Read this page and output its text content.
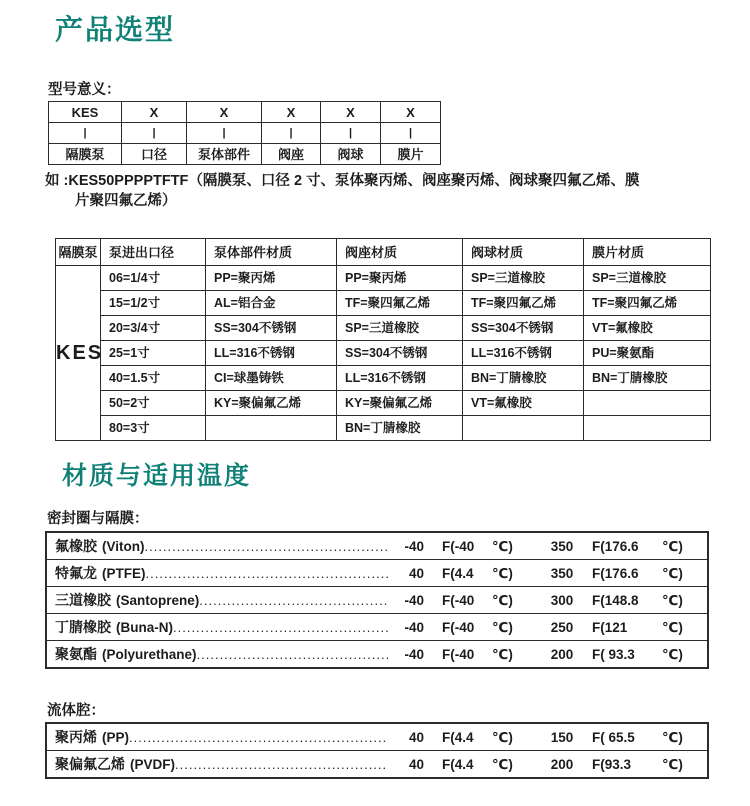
产品选型
型号意义：
KES	X	X	X	X	X
|	|	|	|	|	|
隔膜泵	口径	泵体部件	阀座	阀球	膜片
如 :KES50PPPPTFTF（隔膜泵、口径 2 寸、泵体聚丙烯、阀座聚丙烯、阀球聚四氟乙烯、膜
片聚四氟乙烯）
隔膜泵	泵进出口径	泵体部件材质	阀座材质	阀球材质	膜片材质
KES	06=1/4寸	PP=聚丙烯	PP=聚丙烯	SP=三道橡胶	SP=三道橡胶
	15=1/2寸	AL=铝合金	TF=聚四氟乙烯	TF=聚四氟乙烯	TF=聚四氟乙烯
	20=3/4寸	SS=304不锈钢	SP=三道橡胶	SS=304不锈钢	VT=氟橡胶
	25=1寸	LL=316不锈钢	SS=304不锈钢	LL=316不锈钢	PU=聚氨酯
	40=1.5寸	CI=球墨铸铁	LL=316不锈钢	BN=丁腈橡胶	BN=丁腈橡胶
	50=2寸	KY=聚偏氟乙烯	KY=聚偏氟乙烯	VT=氟橡胶	
	80=3寸		BN=丁腈橡胶		
材质与适用温度
密封圈与隔膜：
氟橡胶 (Viton) .....	-40 F(-40	℃)	350	F(176.6	℃)
特氟龙 (PTFE) .....	40 F(4.4	℃)	350	F(176.6	℃)
三道橡胶 (Santoprene) .....	-40 F(-40	℃)	300	F(148.8	℃)
丁腈橡胶 (Buna-N) .....	-40 F(-40	℃)	250	F(121	℃)
聚氨酯 (Polyurethane) .....	-40 F(-40	℃)	200	F( 93.3	℃)
流体腔：
聚丙烯 (PP) .....	40 F(4.4	℃)	150	F( 65.5	℃)
聚偏氟乙烯 (PVDF) .....	40 F(4.4	℃)	200	F(93.3	℃)
